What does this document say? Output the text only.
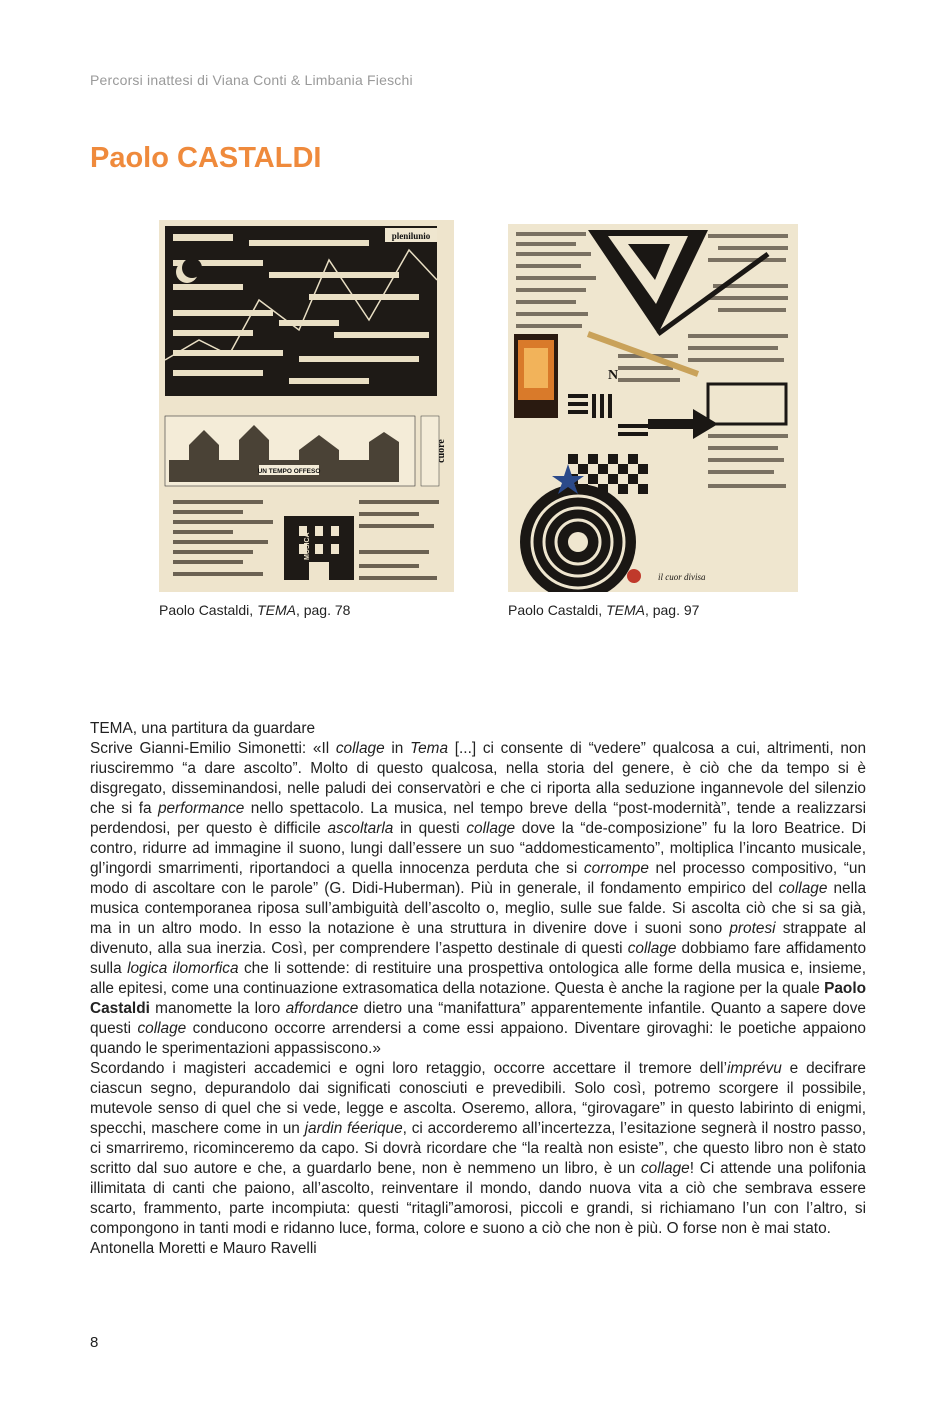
Percorsi inattesi di Viana Conti & Limbania Fieschi
Paolo CASTALDI
plenilunio
UN TEMPO OFFESO
cuore
MUSICA
Paolo Castaldi, TEMA, pag. 78
N
il cuor divisa
Paolo Castaldi, TEMA, pag. 97

TEMA, una partitura da guardare

Scrive Gianni-Emilio Simonetti: «Il collage in Tema [...] ci consente di “vedere” qualcosa a cui, altrimenti, non riusciremmo “a dare ascolto”. Molto di questo qualcosa, nella storia del genere, è ciò che da tempo si è disgregato, disseminandosi, nelle paludi dei conservatòri e che ci riporta alla seduzione ingannevole del silenzio che si fa performance nello spettacolo. La musica, nel tempo breve della “post-modernità”, tende a realizzarsi perdendosi, per questo è difficile ascoltarla in questi collage dove la “de-composizione” fu la loro Beatrice. Di contro, ridurre ad immagine il suono, lungi dall’essere un suo “addomesticamento”, moltiplica l’incanto musicale, gl’ingordi smarrimenti, riportandoci a quella innocenza perduta che si corrompe nel processo compositivo, “un modo di ascoltare con le parole” (G. Didi-Huberman). Più in generale, il fondamento empirico del collage nella musica contemporanea riposa sull’ambiguità dell’ascolto o, meglio, sulle sue falde. Si ascolta ciò che si sa già, ma in un altro modo. In esso la notazione è una struttura in divenire dove i suoni sono protesi strappate al divenuto, alla sua inerzia. Così, per comprendere l’aspetto destinale di questi collage dobbiamo fare affidamento sulla logica ilomorfica che li sottende: di restituire una prospettiva ontologica alle forme della musica e, insieme, alle epitesi, come una continuazione extrasomatica della notazione. Questa è anche la ragione per la quale Paolo Castaldi manomette la loro affordance dietro una “manifattura” apparentemente infantile. Quanto a sapere dove questi collage conducono occorre arrendersi a come essi appaiono. Diventare girovaghi: le poetiche appaiono quando le sperimentazioni appassiscono.»

Scordando i magisteri accademici e ogni loro retaggio, occorre accettare il tremore dell’imprévu e decifrare ciascun segno, depurandolo dai significati conosciuti e prevedibili. Solo così, potremo scorgere il possibile, mutevole senso di quel che si vede, legge e ascolta. Oseremo, allora, “girovagare” in questo labirinto di enigmi, specchi, maschere come in un jardin féerique, ci accorderemo all’incertezza, l’esitazione segnerà il nostro passo, ci smarriremo, ricominceremo da capo. Si dovrà ricordare che “la realtà non esiste”, che questo libro non è stato scritto dal suo autore e che, a guardarlo bene, non è nemmeno un libro, è un collage! Ci attende una polifonia illimitata di canti che paiono, all’ascolto, reinventare il mondo, dando nuova vita a ciò che sembrava essere scarto, frammento, parte incompiuta: questi “ritagli”amorosi, piccoli e grandi, si richiamano l’un con l’altro, si compongono in tanti modi e ridanno luce, forma, colore e suono a ciò che non è più. O forse non è mai stato.

Antonella Moretti e Mauro Ravelli

8
